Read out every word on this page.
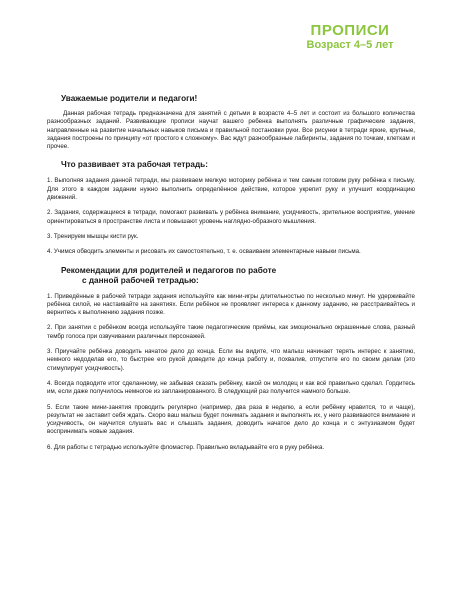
ПРОПИСИ
Возраст 4–5 лет
Уважаемые родители и педагоги!

Данная рабочая тетрадь предназначена для занятий с детьми в возрасте 4–5 лет и состоит из большого количества разнообразных заданий. Развивающие прописи научат вашего ребенка выполнять различные графические задания, направленные на развитие начальных навыков письма и правильной постановки руки. Все рисунки в тетради яркие, крупные, задания построены по принципу «от простого к сложному». Вас ждут разнообразные лабиринты, задания по точкам, клеткам и прочее.

Что развивает эта рабочая тетрадь:

1. Выполняя задания данной тетради, мы развиваем мелкую моторику ребёнка и тем самым готовим руку ребёнка к письму. Для этого в каждом задании нужно выполнить определённое действие, которое укрепит руку и улучшит координацию движений.

2. Задания, содержащиеся в тетради, помогают развивать у ребёнка внимание, усидчивость, зрительное восприятие, умение ориентироваться в пространстве листа и повышают уровень наглядно-образного мышления.

3. Тренируем мышцы кисти рук.

4. Учимся обводить элементы и рисовать их самостоятельно, т. е. осваиваем элементарные навыки письма.

Рекомендации для родителей и педагогов по работе
с данной рабочей тетрадью:

1. Приведённые в рабочей тетради задания используйте как мини-игры длительностью по несколько минут. Не удерживайте ребёнка силой, не настаивайте на занятиях. Если ребёнок не проявляет интереса к данному заданию, не расстраивайтесь и вернитесь к выполнению задания позже.

2. При занятии с ребёнком всегда используйте такие педагогические приёмы, как эмоционально окрашенные слова, разный тембр голоса при озвучивании различных персонажей.

3. Приучайте ребёнка доводить начатое дело до конца. Если вы видите, что малыш начинает терять интерес к занятию, немного недоделав его, то быстрее его рукой доведите до конца работу и, похвалив, отпустите его по своим делам (это стимулирует усидчивость).

4. Всегда подводите итог сделанному, не забывая сказать ребёнку, какой он молодец и как всё правильно сделал. Гордитесь им, если даже получилось немногое из запланированного. В следующий раз получится намного больше.

5. Если такие мини-занятия проводить регулярно (например, два раза в неделю, а если ребёнку нравится, то и чаще), результат не заставит себя ждать. Скоро ваш малыш будет понимать задания и выполнять их, у него развиваются внимание и усидчивость, он научится слушать вас и слышать задания, доводить начатое дело до конца и с энтузиазмом будет воспринимать новые задания.

6. Для работы с тетрадью используйте фломастер. Правильно вкладывайте его в руку ребёнка.
